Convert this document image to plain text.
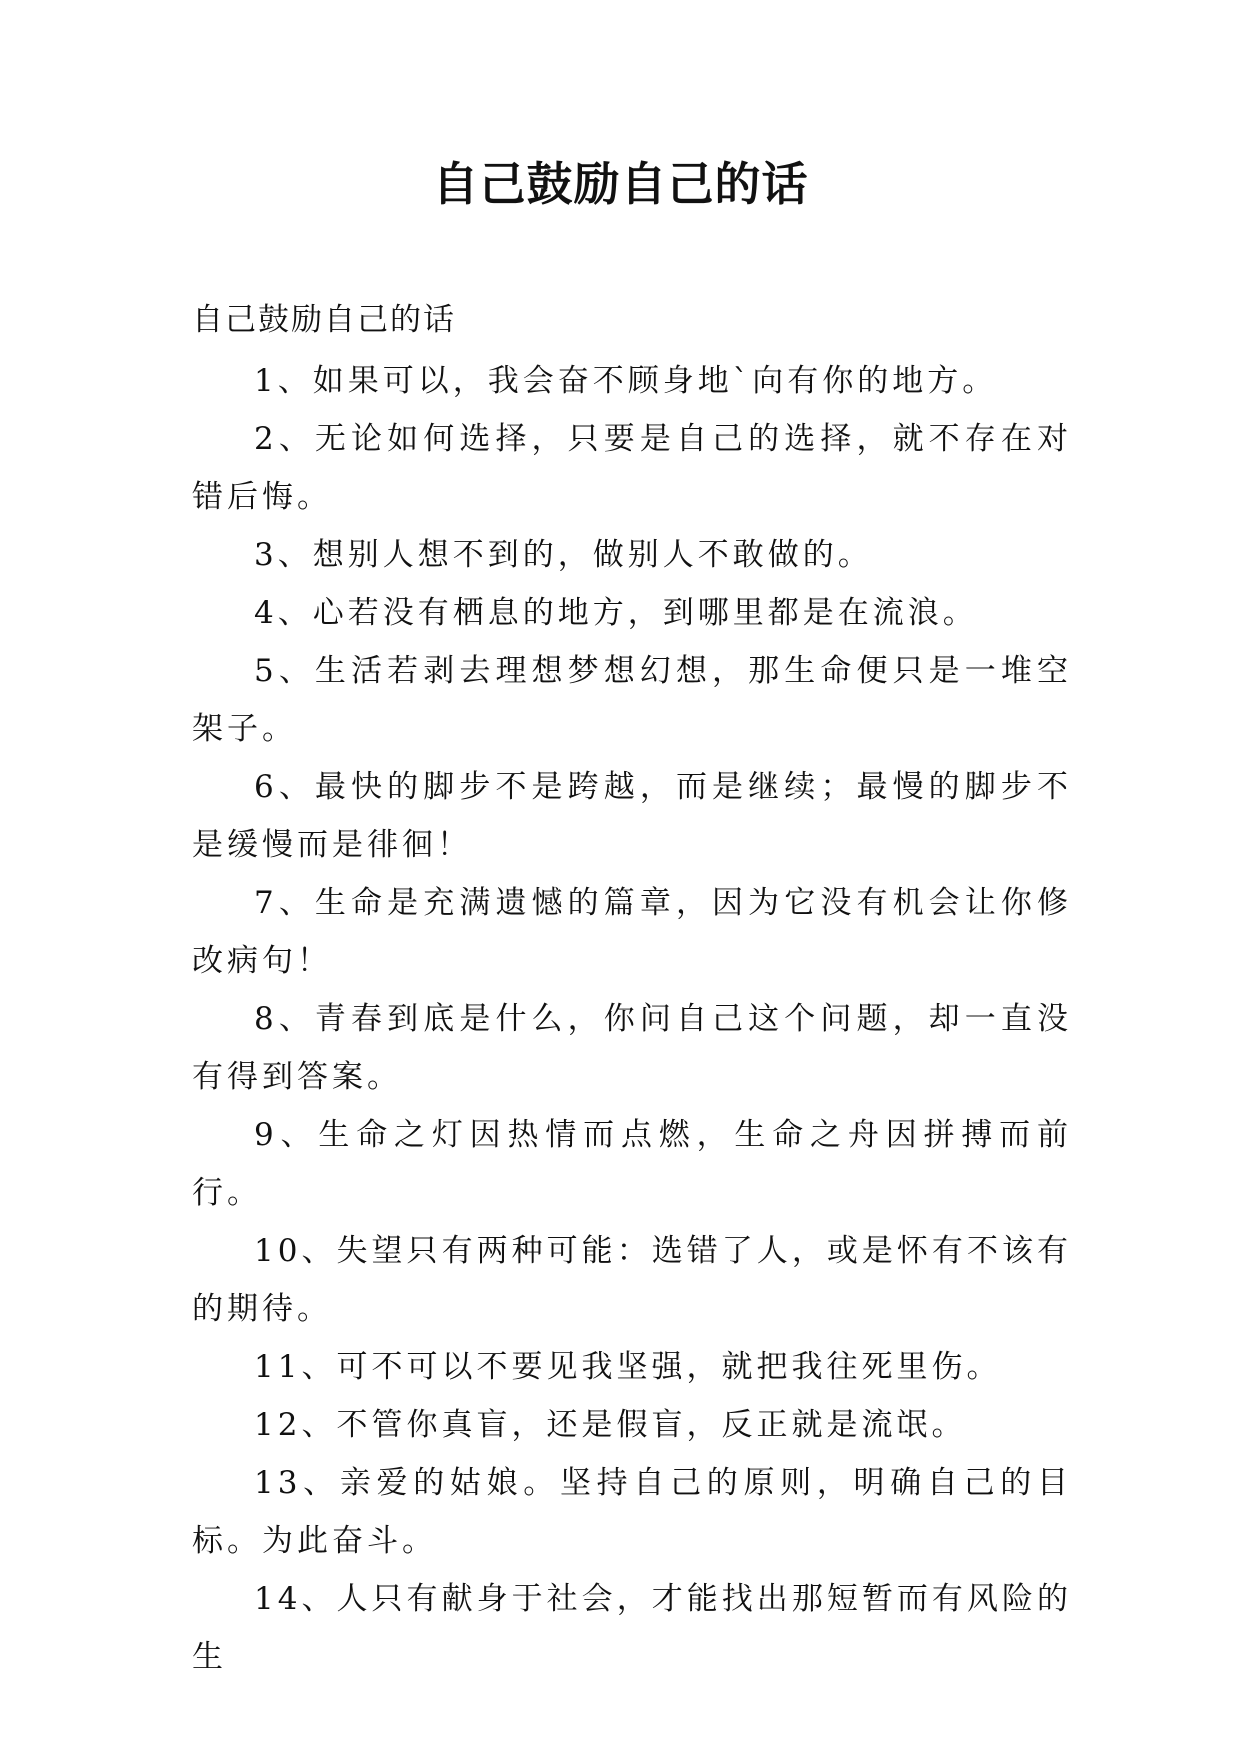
自己鼓励自己的话
自己鼓励自己的话

1、如果可以，我会奋不顾身地`向有你的地方。

2、无论如何选择，只要是自己的选择，就不存在对错后悔。

3、想别人想不到的，做别人不敢做的。

4、心若没有栖息的地方，到哪里都是在流浪。

5、生活若剥去理想梦想幻想，那生命便只是一堆空架子。

6、最快的脚步不是跨越，而是继续；最慢的脚步不是缓慢而是徘徊！

7、生命是充满遗憾的篇章，因为它没有机会让你修改病句！

8、青春到底是什么，你问自己这个问题，却一直没有得到答案。

9、生命之灯因热情而点燃，生命之舟因拼搏而前行。

10、失望只有两种可能：选错了人，或是怀有不该有的期待。

11、可不可以不要见我坚强，就把我往死里伤。

12、不管你真盲，还是假盲，反正就是流氓。

13、亲爱的姑娘。坚持自己的原则，明确自己的目标。为此奋斗。

14、人只有献身于社会，才能找出那短暂而有风险的生
